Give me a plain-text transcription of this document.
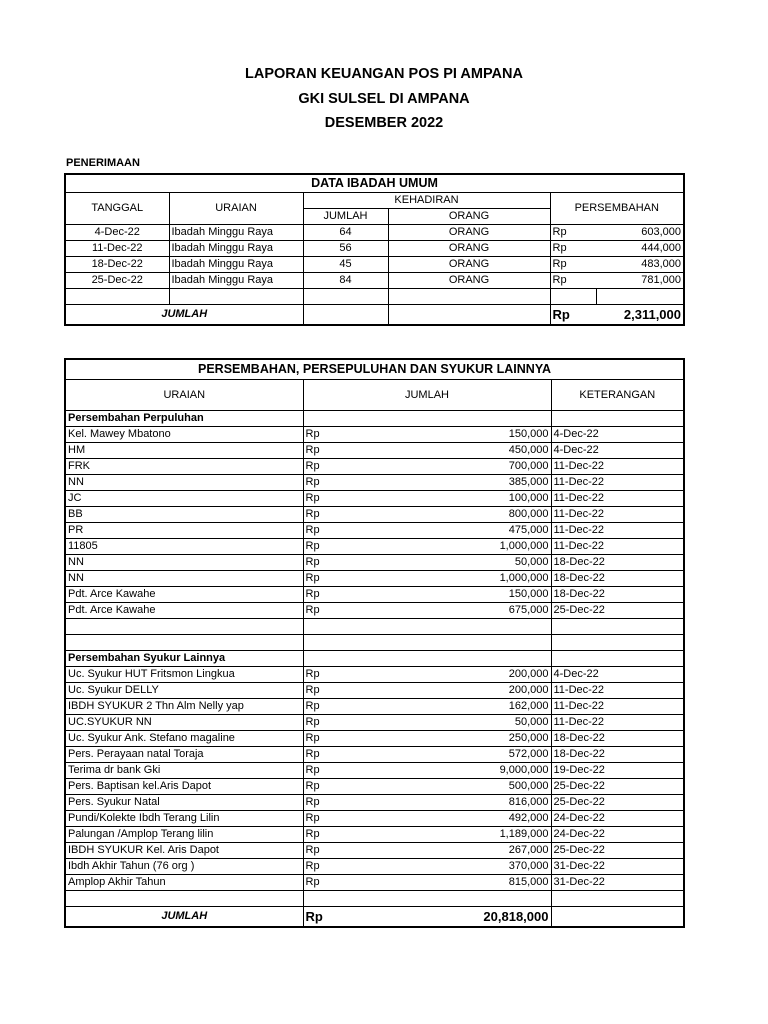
LAPORAN KEUANGAN POS PI AMPANA
GKI SULSEL DI AMPANA
DESEMBER 2022
PENERIMAAN
DATA IBADAH UMUM					
TANGGAL	URAIAN	KEHADIRAN		PERSEMBAHAN	
		JUMLAH	ORANG		
4-Dec-22	Ibadah Minggu Raya	64	ORANG	Rp	603,000
11-Dec-22	Ibadah Minggu Raya	56	ORANG	Rp	444,000
18-Dec-22	Ibadah Minggu Raya	45	ORANG	Rp	483,000
25-Dec-22	Ibadah Minggu Raya	84	ORANG	Rp	781,000

JUMLAH				Rp	2,311,000
PERSEMBAHAN, PERSEPULUHAN DAN SYUKUR LAINNYA			
URAIAN	JUMLAH		KETERANGAN
Persembahan Perpuluhan			
Kel. Mawey Mbatono	Rp	150,000	4-Dec-22
HM	Rp	450,000	4-Dec-22
FRK	Rp	700,000	11-Dec-22
NN	Rp	385,000	11-Dec-22
JC	Rp	100,000	11-Dec-22
BB	Rp	800,000	11-Dec-22
PR	Rp	475,000	11-Dec-22
11805	Rp	1,000,000	11-Dec-22
NN	Rp	50,000	18-Dec-22
NN	Rp	1,000,000	18-Dec-22
Pdt. Arce Kawahe	Rp	150,000	18-Dec-22
Pdt. Arce Kawahe	Rp	675,000	25-Dec-22

Persembahan Syukur Lainnya			
Uc. Syukur HUT Fritsmon Lingkua	Rp	200,000	4-Dec-22
Uc. Syukur DELLY	Rp	200,000	11-Dec-22
IBDH SYUKUR 2 Thn Alm Nelly yap	Rp	162,000	11-Dec-22
UC.SYUKUR NN	Rp	50,000	11-Dec-22
Uc. Syukur Ank. Stefano magaline	Rp	250,000	18-Dec-22
Pers. Perayaan natal Toraja	Rp	572,000	18-Dec-22
Terima dr bank Gki	Rp	9,000,000	19-Dec-22
Pers. Baptisan kel.Aris Dapot	Rp	500,000	25-Dec-22
Pers. Syukur Natal	Rp	816,000	25-Dec-22
Pundi/Kolekte Ibdh Terang Lilin	Rp	492,000	24-Dec-22
Palungan /Amplop Terang lilin	Rp	1,189,000	24-Dec-22
IBDH SYUKUR Kel. Aris Dapot	Rp	267,000	25-Dec-22
Ibdh Akhir Tahun (76 org )	Rp	370,000	31-Dec-22
Amplop Akhir Tahun	Rp	815,000	31-Dec-22

JUMLAH	Rp	20,818,000	
